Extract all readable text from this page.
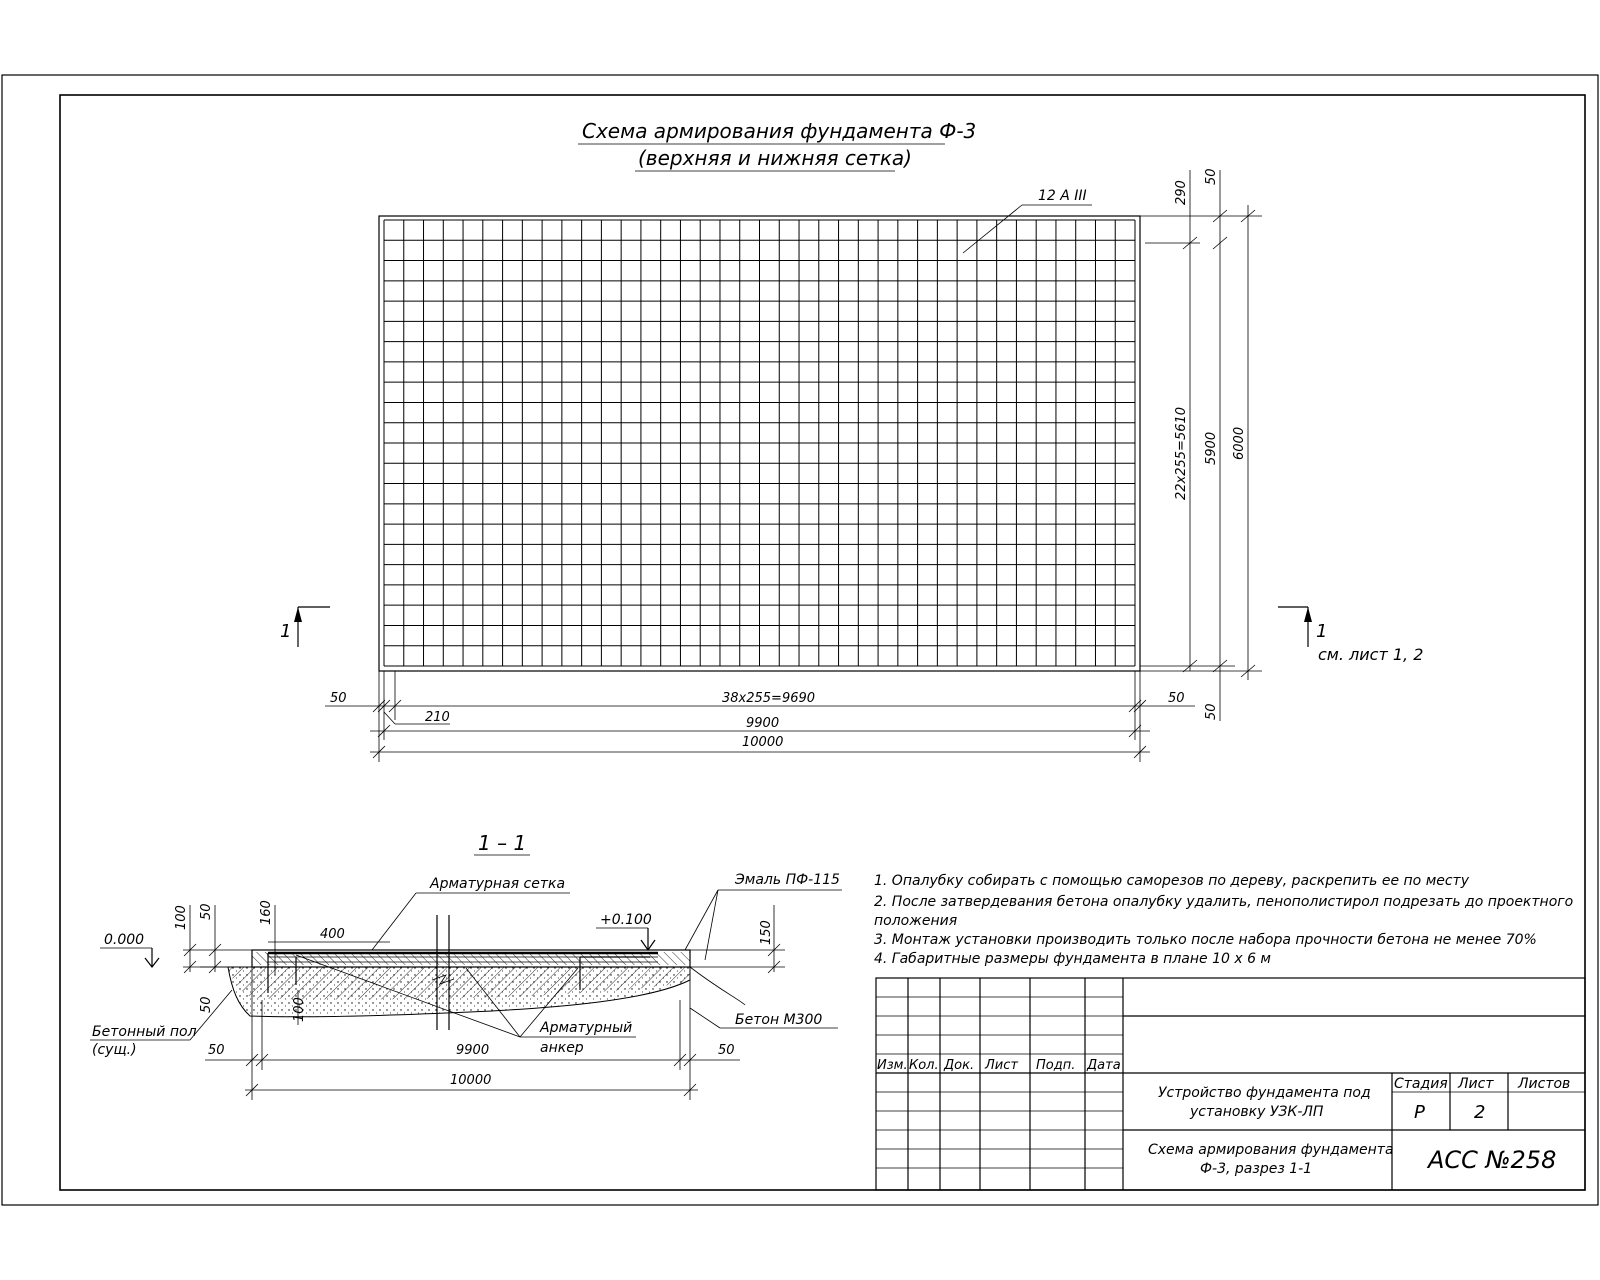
Схема армирования фундамента Ф-3
(верхняя и нижняя сетка)
12 А III	290
50
22x255=5610 5900 6000
50
50	38x255=9690	50
210	9900
10000
1	1
см. лист 1, 2
1 – 1
Арматурная сетка	Эмаль ПФ-115
0.000
+0.100
100 50	160
400	150
50	100
Бетонный пол
(сущ.)
Арматурный
анкер
Бетон М300
50	9900	50
10000
1. Опалубку собирать с помощью саморезов по дереву, раскрепить ее по месту
2. После затвердевания бетона опалубку удалить, пенополистирол подрезать до проектного
положения
3. Монтаж установки производить только после набора прочности бетона не менее 70%
4. Габаритные размеры фундамента в плане 10 х 6 м
Изм. Кол. Док. Лист Подп. Дата
Устройство фундамента под
установку УЗК-ЛП
Схема армирования фундамента
Ф-3, разрез 1-1
Стадия Лист Листов
Р	2
АСС №258
